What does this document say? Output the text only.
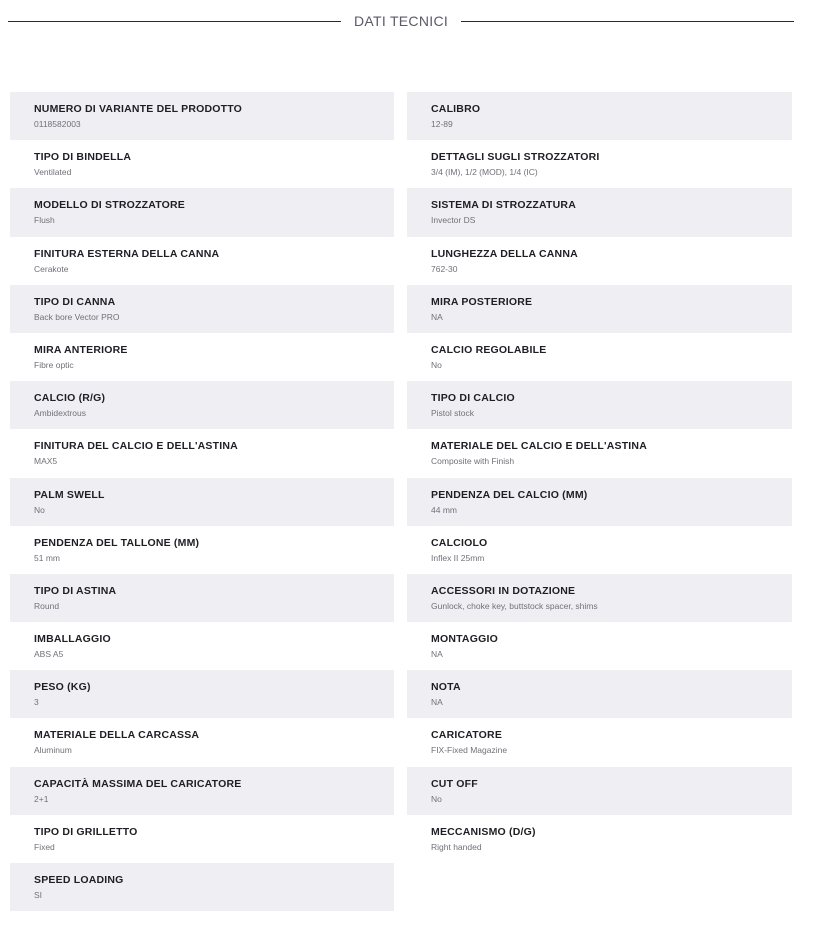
DATI TECNICI
NUMERO DI VARIANTE DEL PRODOTTO
0118582003
CALIBRO
12-89
TIPO DI BINDELLA
Ventilated
DETTAGLI SUGLI STROZZATORI
3/4 (IM), 1/2 (MOD), 1/4 (IC)
MODELLO DI STROZZATORE
Flush
SISTEMA DI STROZZATURA
Invector DS
FINITURA ESTERNA DELLA CANNA
Cerakote
LUNGHEZZA DELLA CANNA
762-30
TIPO DI CANNA
Back bore Vector PRO
MIRA POSTERIORE
NA
MIRA ANTERIORE
Fibre optic
CALCIO REGOLABILE
No
CALCIO (R/G)
Ambidextrous
TIPO DI CALCIO
Pistol stock
FINITURA DEL CALCIO E DELL'ASTINA
MAX5
MATERIALE DEL CALCIO E DELL'ASTINA
Composite with Finish
PALM SWELL
No
PENDENZA DEL CALCIO (MM)
44 mm
PENDENZA DEL TALLONE (MM)
51 mm
CALCIOLO
Inflex II 25mm
TIPO DI ASTINA
Round
ACCESSORI IN DOTAZIONE
Gunlock, choke key, buttstock spacer, shims
IMBALLAGGIO
ABS A5
MONTAGGIO
NA
PESO (KG)
3
NOTA
NA
MATERIALE DELLA CARCASSA
Aluminum
CARICATORE
FIX-Fixed Magazine
CAPACITÀ MASSIMA DEL CARICATORE
2+1
CUT OFF
No
TIPO DI GRILLETTO
Fixed
MECCANISMO (D/G)
Right handed
SPEED LOADING
SI
